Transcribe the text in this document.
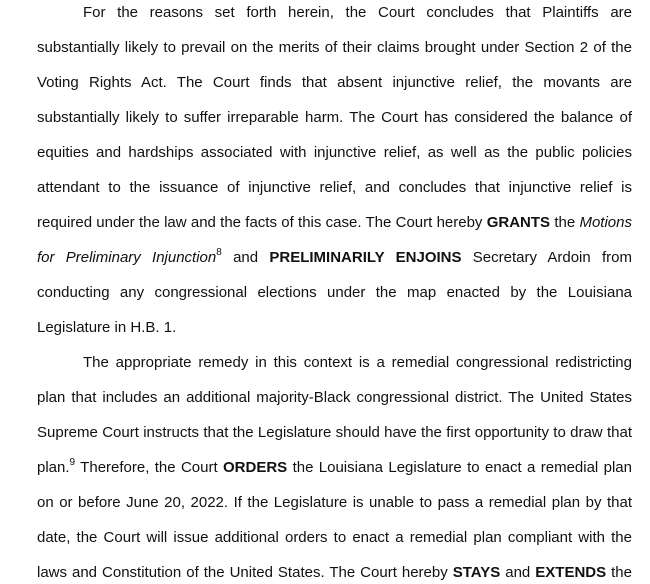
For the reasons set forth herein, the Court concludes that Plaintiffs are
substantially likely to prevail on the merits of their claims brought under Section 2 of the
Voting Rights Act. The Court finds that absent injunctive relief, the movants are
substantially likely to suffer irreparable harm. The Court has considered the balance of
equities and hardships associated with injunctive relief, as well as the public policies
attendant to the issuance of injunctive relief, and concludes that injunctive relief is
required under the law and the facts of this case. The Court hereby GRANTS the Motions
for Preliminary Injunction$^8$ and PRELIMINARILY ENJOINS Secretary Ardoin from
conducting any congressional elections under the map enacted by the Louisiana
Legislature in H.B. 1.
The appropriate remedy in this context is a remedial congressional redistricting
plan that includes an additional majority-Black congressional district. The United States
Supreme Court instructs that the Legislature should have the first opportunity to draw that
plan.$^9$ Therefore, the Court ORDERS the Louisiana Legislature to enact a remedial plan
on or before June 20, 2022. If the Legislature is unable to pass a remedial plan by that
date, the Court will issue additional orders to enact a remedial plan compliant with the
laws and Constitution of the United States. The Court hereby STAYS and EXTENDS the
